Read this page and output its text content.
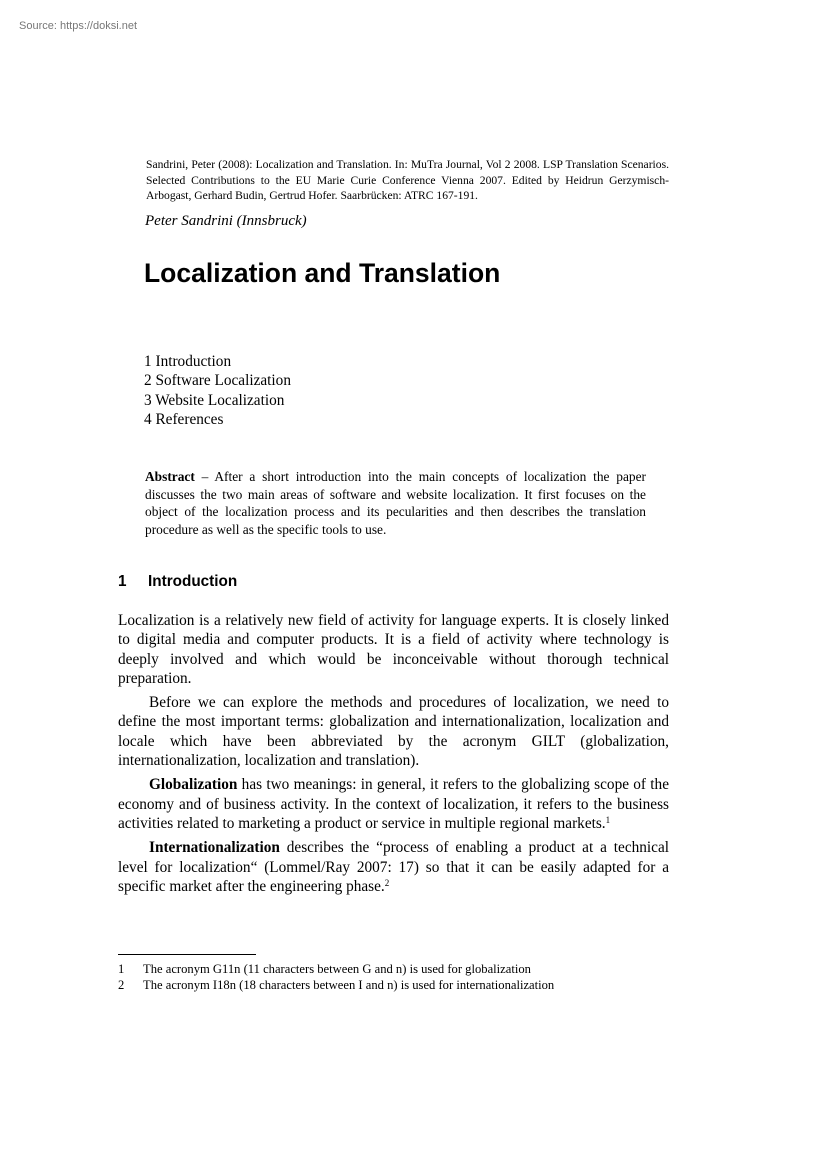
Source: https://doksi.net
Sandrini, Peter (2008): Localization and Translation. In: MuTra Journal, Vol 2 2008. LSP Translation Scenarios. Selected Contributions to the EU Marie Curie Conference Vienna 2007. Edited by Heidrun Gerzymisch-Arbogast, Gerhard Budin, Gertrud Hofer. Saarbrücken: ATRC 167-191.
Peter Sandrini (Innsbruck)
Localization and Translation
1 Introduction
2 Software Localization
3 Website Localization
4 References
Abstract – After a short introduction into the main concepts of localization the paper discusses the two main areas of software and website localization. It first focuses on the object of the localization process and its pecularities and then describes the translation procedure as well as the specific tools to use.
1 Introduction

Localization is a relatively new field of activity for language experts. It is closely linked to digital media and computer products. It is a field of activity where technology is deeply involved and which would be inconceivable without thorough technical preparation.

Before we can explore the methods and procedures of localization, we need to define the most important terms: globalization and internationalization, localization and locale which have been abbreviated by the acronym GILT (globalization, internationalization, localization and translation).

Globalization has two meanings: in general, it refers to the globalizing scope of the economy and of business activity. In the context of localization, it refers to the business activities related to marketing a product or service in multiple regional markets.$^1$

Internationalization describes the “process of enabling a product at a technical level for localization“ (Lommel/Ray 2007: 17) so that it can be easily adapted for a specific market after the engineering phase.$^2$

1 The acronym G11n (11 characters between G and n) is used for globalization
2 The acronym I18n (18 characters between I and n) is used for internationalization
